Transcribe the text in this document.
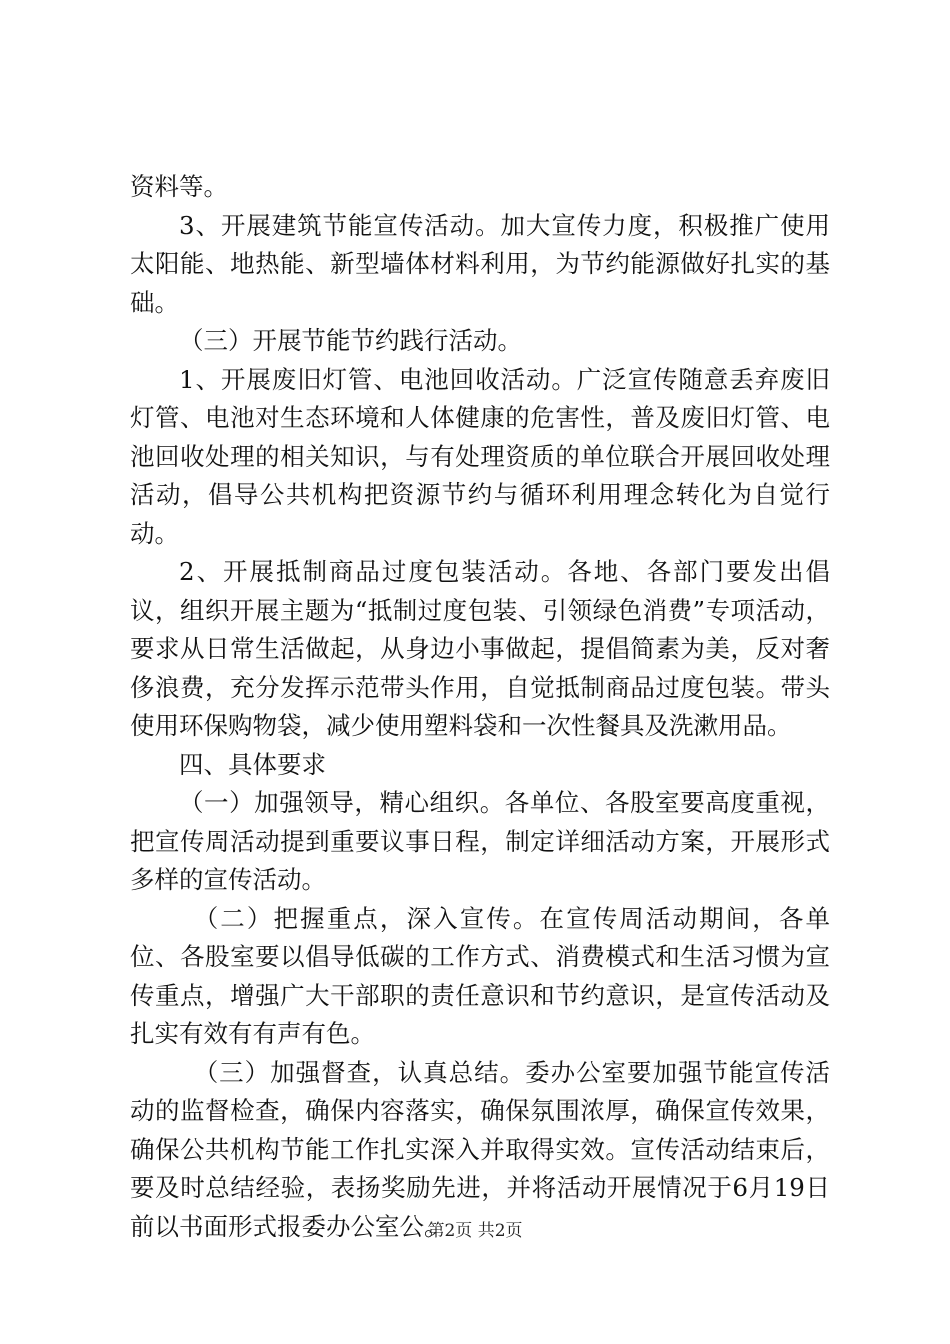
资料等。

3、开展建筑节能宣传活动。加大宣传力度，积极推广使用太阳能、地热能、新型墙体材料利用，为节约能源做好扎实的基础。

（三）开展节能节约践行活动。

1、开展废旧灯管、电池回收活动。广泛宣传随意丢弃废旧灯管、电池对生态环境和人体健康的危害性，普及废旧灯管、电池回收处理的相关知识，与有处理资质的单位联合开展回收处理活动，倡导公共机构把资源节约与循环利用理念转化为自觉行动。

2、开展抵制商品过度包装活动。各地、各部门要发出倡议，组织开展主题为“抵制过度包装、引领绿色消费”专项活动，要求从日常生活做起，从身边小事做起，提倡简素为美，反对奢侈浪费，充分发挥示范带头作用，自觉抵制商品过度包装。带头使用环保购物袋，减少使用塑料袋和一次性餐具及洗漱用品。

四、具体要求

（一）加强领导，精心组织。各单位、各股室要高度重视，把宣传周活动提到重要议事日程，制定详细活动方案，开展形式多样的宣传活动。

（二）把握重点，深入宣传。在宣传周活动期间，各单位、各股室要以倡导低碳的工作方式、消费模式和生活习惯为宣传重点，增强广大干部职的责任意识和节约意识，是宣传活动及扎实有效有有声有色。

（三）加强督查，认真总结。委办公室要加强节能宣传活动的监督检查，确保内容落实，确保氛围浓厚，确保宣传效果，确保公共机构节能工作扎实深入并取得实效。宣传活动结束后，要及时总结经验，表扬奖励先进，并将活动开展情况于6月19日前以书面形式报委办公室公。

第2页 共2页
